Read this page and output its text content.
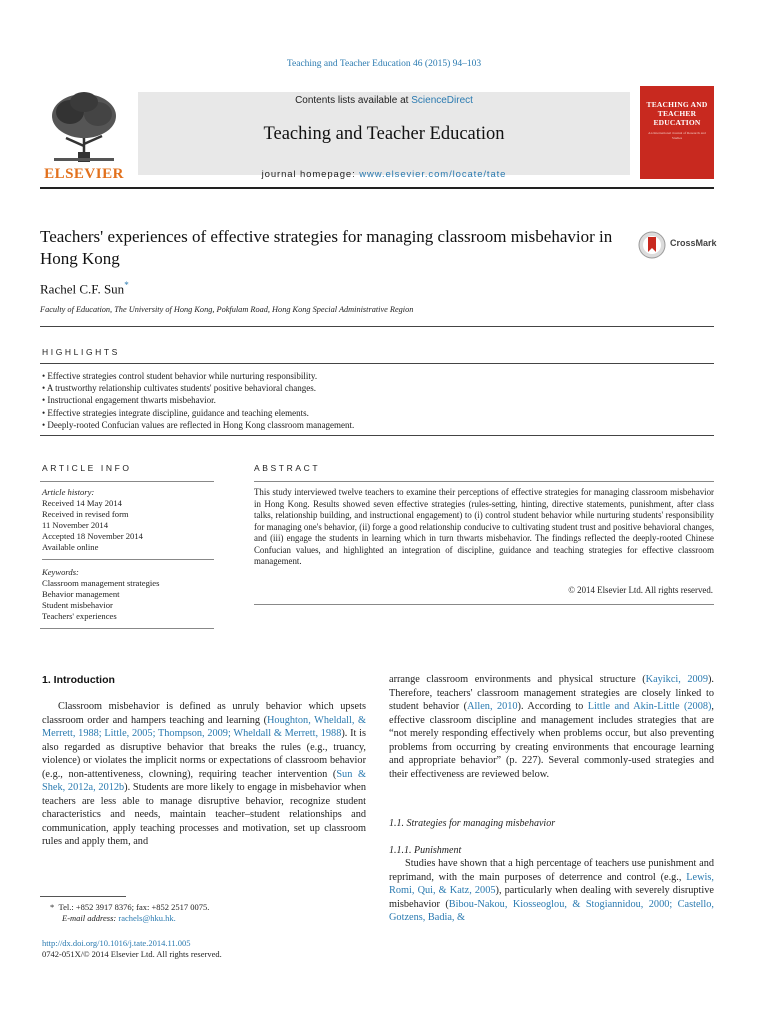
Teaching and Teacher Education 46 (2015) 94–103
ELSEVIER
Contents lists available at ScienceDirect
Teaching and Teacher Education
journal homepage: www.elsevier.com/locate/tate
TEACHING AND TEACHER EDUCATION
An International Journal of Research and Studies
Teachers' experiences of effective strategies for managing classroom misbehavior in Hong Kong
CrossMark
Rachel C.F. Sun*
Faculty of Education, The University of Hong Kong, Pokfulam Road, Hong Kong Special Administrative Region
HIGHLIGHTS
• Effective strategies control student behavior while nurturing responsibility.
• A trustworthy relationship cultivates students' positive behavioral changes.
• Instructional engagement thwarts misbehavior.
• Effective strategies integrate discipline, guidance and teaching elements.
• Deeply-rooted Confucian values are reflected in Hong Kong classroom management.
ARTICLE INFO
Article history:
Received 14 May 2014
Received in revised form
11 November 2014
Accepted 18 November 2014
Available online
Keywords:
Classroom management strategies
Behavior management
Student misbehavior
Teachers' experiences
ABSTRACT
This study interviewed twelve teachers to examine their perceptions of effective strategies for managing classroom misbehavior in Hong Kong. Results showed seven effective strategies (rules-setting, hinting, directive statements, punishment, after class talks, relationship building, and instructional engagement) to (i) control student behavior while nurturing students' responsibility for managing one's behavior, (ii) forge a good relationship conducive to cultivating student trust and positive behavioral changes, and (iii) engage the students in learning which in turn thwarts misbehavior. The findings reflected the deeply-rooted Chinese Confucian values, and highlighted an integration of discipline, guidance and teaching strategies for effective classroom management.
© 2014 Elsevier Ltd. All rights reserved.
1. Introduction
Classroom misbehavior is defined as unruly behavior which upsets classroom order and hampers teaching and learning (Houghton, Wheldall, & Merrett, 1988; Little, 2005; Thompson, 2009; Wheldall & Merrett, 1988). It is also regarded as disruptive behavior that breaks the rules (e.g., truancy, violence) or violates the implicit norms or expectations of classroom behavior (e.g., non-attentiveness, clowning), requiring teacher intervention (Sun & Shek, 2012a, 2012b). Students are more likely to engage in misbehavior when teachers are less able to manage disruptive behavior, recognize student characteristics and needs, maintain teacher–student relationships and communication, apply teaching processes and motivation, set up classroom rules and apply them, and
arrange classroom environments and physical structure (Kayikci, 2009). Therefore, teachers' classroom management strategies are closely linked to student behavior (Allen, 2010). According to Little and Akin-Little (2008), effective classroom discipline and management includes strategies that are “not merely responding effectively when problems occur, but also preventing problems from occurring by creating environments that encourage learning and appropriate behavior” (p. 227). Several commonly-used strategies and their effectiveness are reviewed below.
1.1. Strategies for managing misbehavior
1.1.1. Punishment
Studies have shown that a high percentage of teachers use punishment and reprimand, with the main purposes of deterrence and control (e.g., Lewis, Romi, Qui, & Katz, 2005), particularly when dealing with severely disruptive misbehavior (Bibou-Nakou, Kiosseoglou, & Stogiannidou, 2000; Castello, Gotzens, Badia, &
* Tel.: +852 3917 8376; fax: +852 2517 0075.
E-mail address: rachels@hku.hk.
http://dx.doi.org/10.1016/j.tate.2014.11.005
0742-051X/© 2014 Elsevier Ltd. All rights reserved.
